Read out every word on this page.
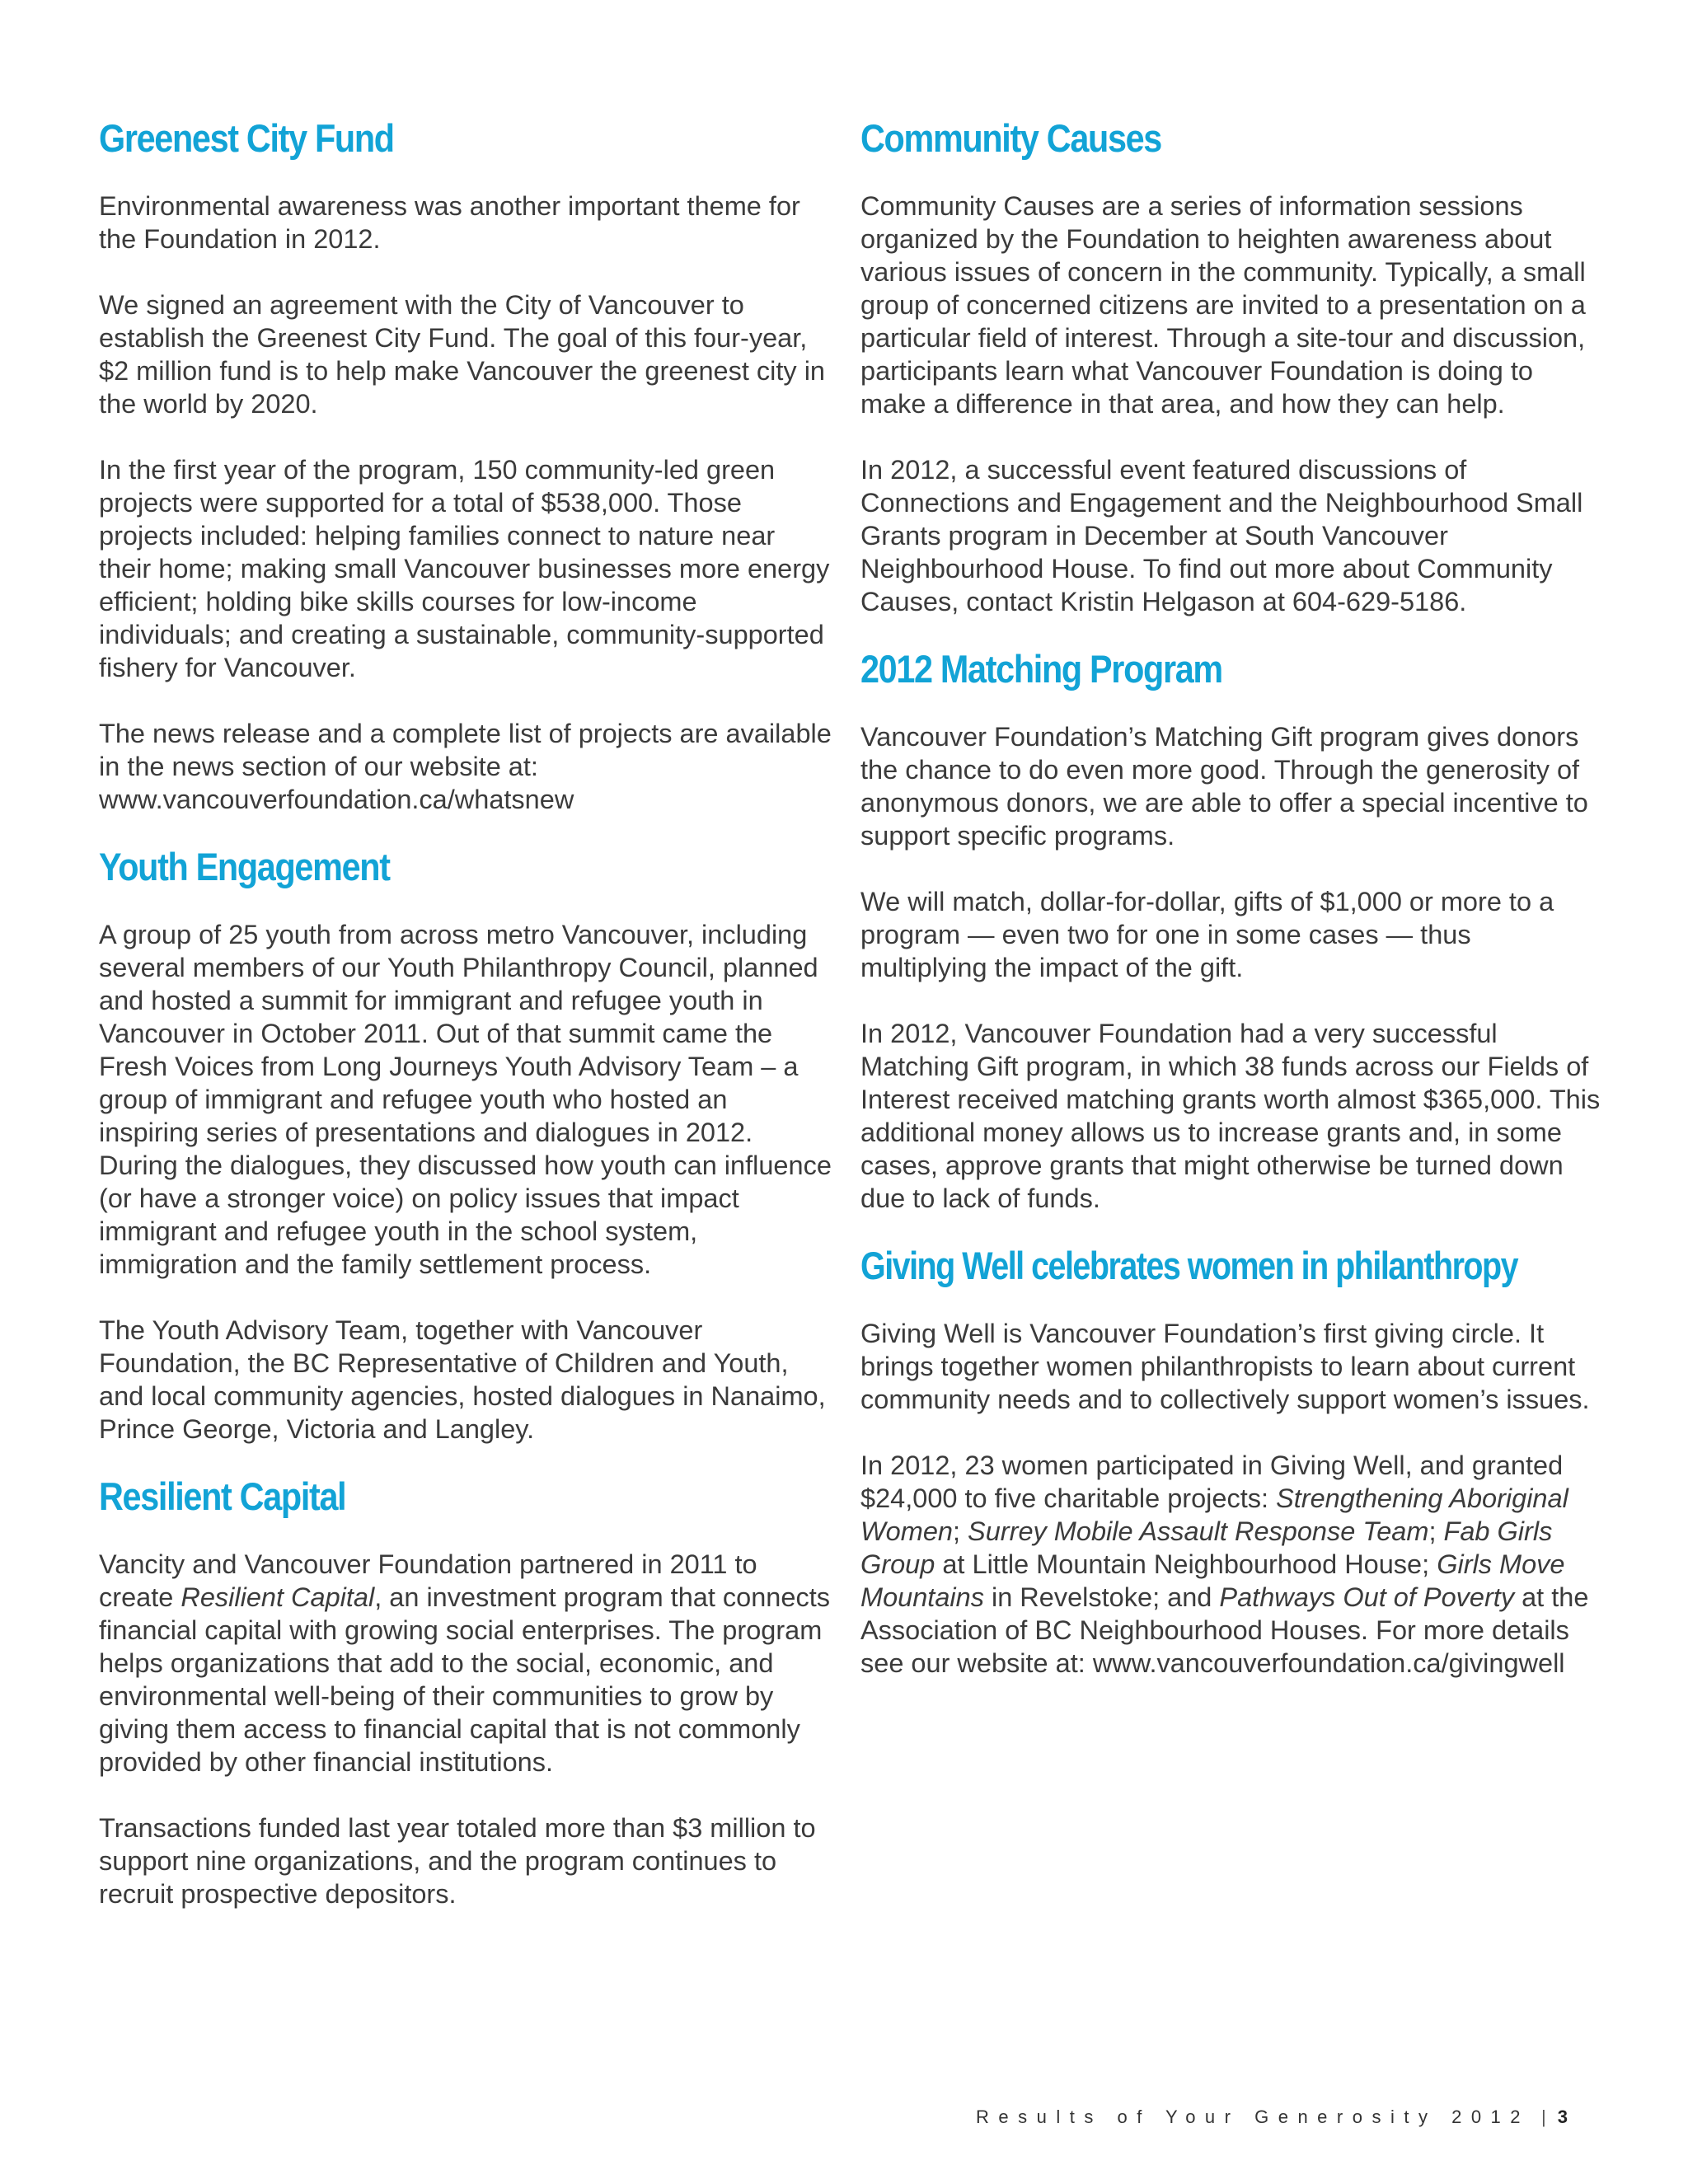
Greenest City Fund

Environmental awareness was another important theme for the Foundation in 2012.

We signed an agreement with the City of Vancouver to establish the Greenest City Fund. The goal of this four-year, $2 million fund is to help make Vancouver the greenest city in the world by 2020.

In the first year of the program, 150 community-led green projects were supported for a total of $538,000. Those projects included: helping families connect to nature near their home; making small Vancouver businesses more energy efficient; holding bike skills courses for low-income individuals; and creating a sustainable, community-supported fishery for Vancouver.

The news release and a complete list of projects are available in the news section of our website at: www.vancouverfoundation.ca/whatsnew

Youth Engagement

A group of 25 youth from across metro Vancouver, including several members of our Youth Philanthropy Council, planned and hosted a summit for immigrant and refugee youth in Vancouver in October 2011. Out of that summit came the Fresh Voices from Long Journeys Youth Advisory Team – a group of immigrant and refugee youth who hosted an inspiring series of presentations and dialogues in 2012. During the dialogues, they discussed how youth can influence (or have a stronger voice) on policy issues that impact immigrant and refugee youth in the school system, immigration and the family settlement process.

The Youth Advisory Team, together with Vancouver Foundation, the BC Representative of Children and Youth, and local community agencies, hosted dialogues in Nanaimo, Prince George, Victoria and Langley.

Resilient Capital

Vancity and Vancouver Foundation partnered in 2011 to create Resilient Capital, an investment program that connects financial capital with growing social enterprises. The program helps organizations that add to the social, economic, and environmental well-being of their communities to grow by giving them access to financial capital that is not commonly provided by other financial institutions.

Transactions funded last year totaled more than $3 million to support nine organizations, and the program continues to recruit prospective depositors.

Community Causes

Community Causes are a series of information sessions organized by the Foundation to heighten awareness about various issues of concern in the community. Typically, a small group of concerned citizens are invited to a presentation on a particular field of interest. Through a site-tour and discussion, participants learn what Vancouver Foundation is doing to make a difference in that area, and how they can help.

In 2012, a successful event featured discussions of Connections and Engagement and the Neighbourhood Small Grants program in December at South Vancouver Neighbourhood House. To find out more about Community Causes, contact Kristin Helgason at 604-629-5186.

2012 Matching Program

Vancouver Foundation’s Matching Gift program gives donors the chance to do even more good. Through the generosity of anonymous donors, we are able to offer a special incentive to support specific programs.

We will match, dollar-for-dollar, gifts of $1,000 or more to a program — even two for one in some cases — thus multiplying the impact of the gift.

In 2012, Vancouver Foundation had a very successful Matching Gift program, in which 38 funds across our Fields of Interest received matching grants worth almost $365,000. This additional money allows us to increase grants and, in some cases, approve grants that might otherwise be turned down due to lack of funds.

Giving Well celebrates women in philanthropy

Giving Well is Vancouver Foundation’s first giving circle. It brings together women philanthropists to learn about current community needs and to collectively support women’s issues.

In 2012, 23 women participated in Giving Well, and granted $24,000 to five charitable projects: Strengthening Aboriginal Women; Surrey Mobile Assault Response Team; Fab Girls Group at Little Mountain Neighbourhood House; Girls Move Mountains in Revelstoke; and Pathways Out of Poverty at the Association of BC Neighbourhood Houses. For more details see our website at: www.vancouverfoundation.ca/givingwell

Results of Your Generosity 2012 | 3
